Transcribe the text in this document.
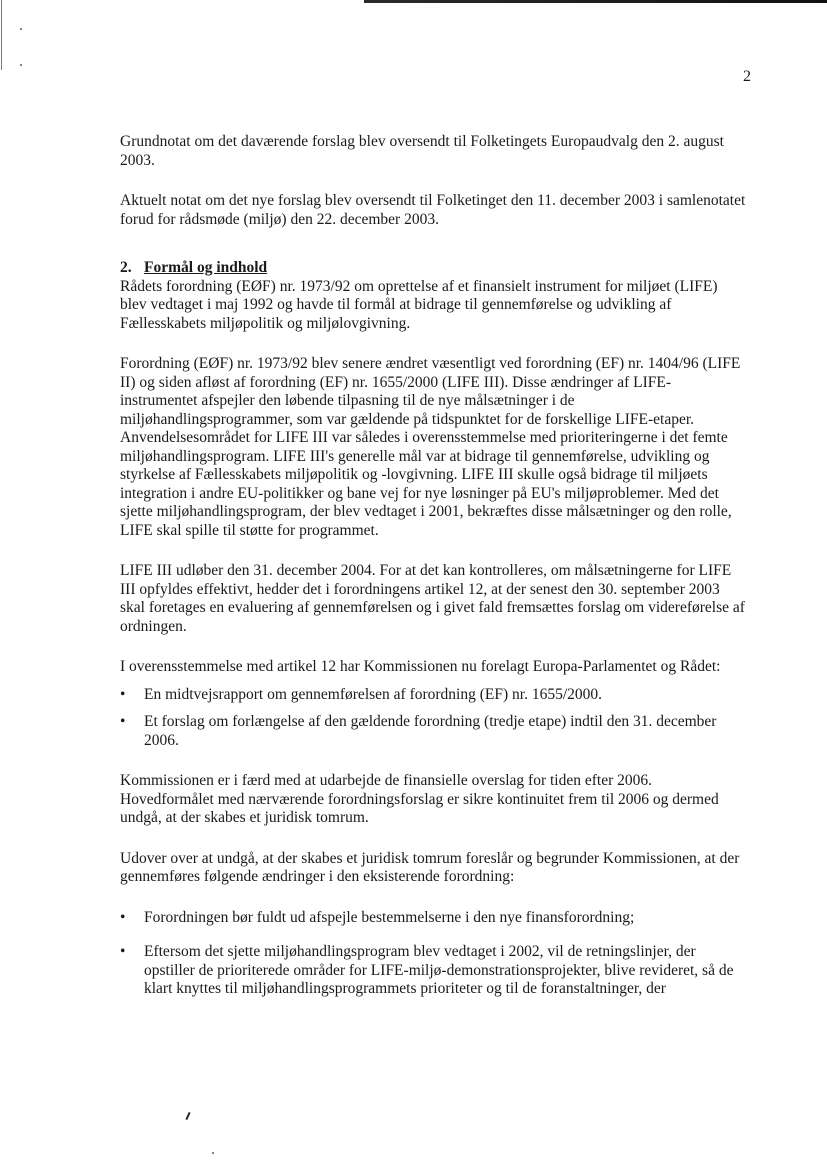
2

Grundnotat om det daværende forslag blev oversendt til Folketingets Europaudvalg den 2. august 2003.

Aktuelt notat om det nye forslag blev oversendt til Folketinget den 11. december 2003 i samlenotatet forud for rådsmøde (miljø) den 22. december 2003.

2. Formål og indhold

Rådets forordning (EØF) nr. 1973/92 om oprettelse af et finansielt instrument for miljøet (LIFE) blev vedtaget i maj 1992 og havde til formål at bidrage til gennemførelse og udvikling af Fællesskabets miljøpolitik og miljølovgivning.

Forordning (EØF) nr. 1973/92 blev senere ændret væsentligt ved forordning (EF) nr. 1404/96 (LIFE II) og siden afløst af forordning (EF) nr. 1655/2000 (LIFE III). Disse ændringer af LIFE-instrumentet afspejler den løbende tilpasning til de nye målsætninger i de miljøhandlingsprogrammer, som var gældende på tidspunktet for de forskellige LIFE-etaper. Anvendelsesområdet for LIFE III var således i overensstemmelse med prioriteringerne i det femte miljøhandlingsprogram. LIFE III's generelle mål var at bidrage til gennemførelse, udvikling og styrkelse af Fællesskabets miljøpolitik og -lovgivning. LIFE III skulle også bidrage til miljøets integration i andre EU-politikker og bane vej for nye løsninger på EU's miljøproblemer. Med det sjette miljøhandlingsprogram, der blev vedtaget i 2001, bekræftes disse målsætninger og den rolle, LIFE skal spille til støtte for programmet.

LIFE III udløber den 31. december 2004. For at det kan kontrolleres, om målsætningerne for LIFE III opfyldes effektivt, hedder det i forordningens artikel 12, at der senest den 30. september 2003 skal foretages en evaluering af gennemførelsen og i givet fald fremsættes forslag om videreførelse af ordningen.

I overensstemmelse med artikel 12 har Kommissionen nu forelagt Europa-Parlamentet og Rådet:

• En midtvejsrapport om gennemførelsen af forordning (EF) nr. 1655/2000.
• Et forslag om forlængelse af den gældende forordning (tredje etape) indtil den 31. december 2006.

Kommissionen er i færd med at udarbejde de finansielle overslag for tiden efter 2006. Hovedformålet med nærværende forordningsforslag er sikre kontinuitet frem til 2006 og dermed undgå, at der skabes et juridisk tomrum.

Udover over at undgå, at der skabes et juridisk tomrum foreslår og begrunder Kommissionen, at der gennemføres følgende ændringer i den eksisterende forordning:

• Forordningen bør fuldt ud afspejle bestemmelserne i den nye finansforordning;
• Eftersom det sjette miljøhandlingsprogram blev vedtaget i 2002, vil de retningslinjer, der opstiller de prioriterede områder for LIFE-miljø-demonstrationsprojekter, blive revideret, så de klart knyttes til miljøhandlingsprogrammets prioriteter og til de foranstaltninger, der
